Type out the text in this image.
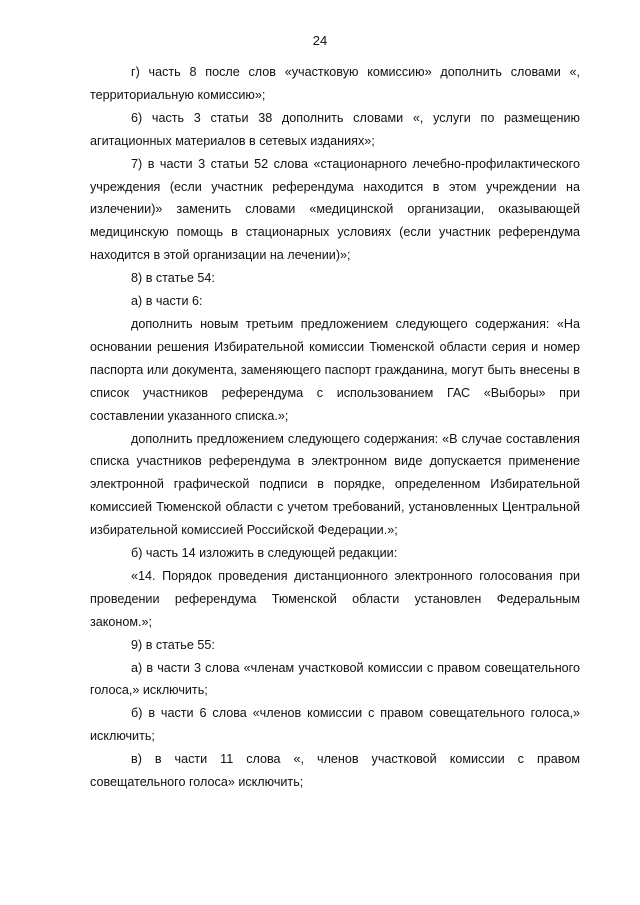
24

г) часть 8 после слов «участковую комиссию» дополнить словами «, территориальную комиссию»;

6) часть 3 статьи 38 дополнить словами «, услуги по размещению агитационных материалов в сетевых изданиях»;

7) в части 3 статьи 52 слова «стационарного лечебно-профилактического учреждения (если участник референдума находится в этом учреждении на излечении)» заменить словами «медицинской организации, оказывающей медицинскую помощь в стационарных условиях (если участник референдума находится в этой организации на лечении)»;

8) в статье 54:

а) в части 6:

дополнить новым третьим предложением следующего содержания: «На основании решения Избирательной комиссии Тюменской области серия и номер паспорта или документа, заменяющего паспорт гражданина, могут быть внесены в список участников референдума с использованием ГАС «Выборы» при составлении указанного списка.»;

дополнить предложением следующего содержания: «В случае составления списка участников референдума в электронном виде допускается применение электронной графической подписи в порядке, определенном Избирательной комиссией Тюменской области с учетом требований, установленных Центральной избирательной комиссией Российской Федерации.»;

б) часть 14 изложить в следующей редакции:

«14. Порядок проведения дистанционного электронного голосования при проведении референдума Тюменской области установлен Федеральным законом.»;

9) в статье 55:

а) в части 3 слова «членам участковой комиссии с правом совещательного голоса,» исключить;

б) в части 6 слова «членов комиссии с правом совещательного голоса,» исключить;

в) в части 11 слова «, членов участковой комиссии с правом совещательного голоса» исключить;
